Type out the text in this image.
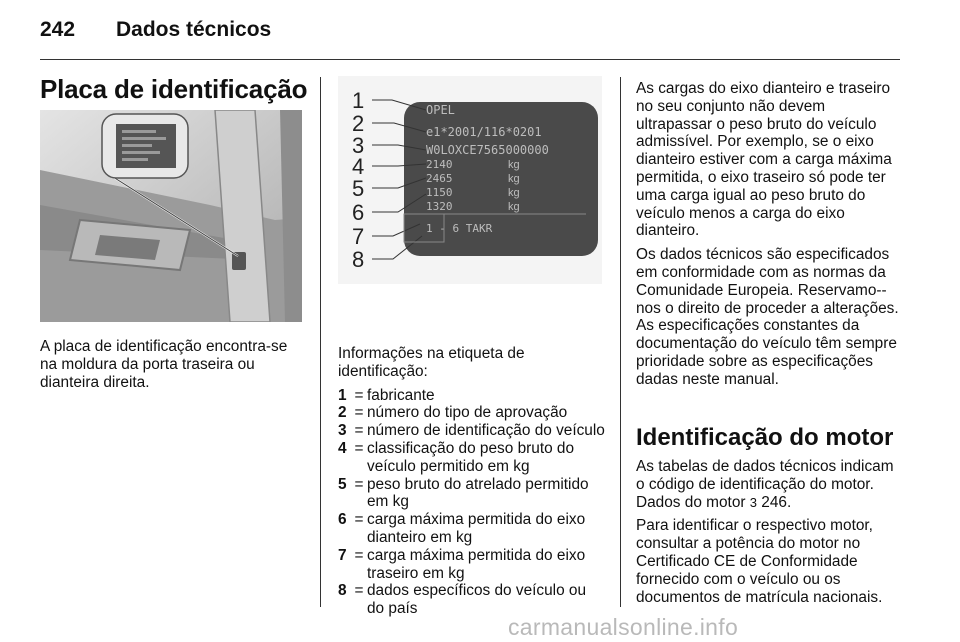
242 Dados técnicos
Placa de identificação
A placa de identificação encontra-se na moldura da porta traseira ou dianteira direita.
1
2
3
4
5
6
7
8
OPEL
e1*2001/116*0201
W0LOXCE7565000000
2140	kg
2465	kg
1150	kg
1320	kg
1 - 6 TAKR
Informações na etiqueta de identificação:
1 = fabricante
2 = número do tipo de aprovação
3 = número de identificação do veículo
4 = classificação do peso bruto do veículo permitido em kg
5 = peso bruto do atrelado permitido em kg
6 = carga máxima permitida do eixo dianteiro em kg
7 = carga máxima permitida do eixo traseiro em kg
8 = dados específicos do veículo ou do país

As cargas do eixo dianteiro e traseiro no seu conjunto não devem ultrapassar o peso bruto do veículo admissível. Por exemplo, se o eixo dianteiro estiver com a carga máxima permitida, o eixo traseiro só pode ter uma carga igual ao peso bruto do veículo menos a carga do eixo dianteiro.

Os dados técnicos são especificados em conformidade com as normas da Comunidade Europeia. Reservamo--nos o direito de proceder a alterações. As especificações constantes da documentação do veículo têm sempre prioridade sobre as especificações dadas neste manual.

Identificação do motor

As tabelas de dados técnicos indicam o código de identificação do motor. Dados do motor 3 246.

Para identificar o respectivo motor, consultar a potência do motor no Certificado CE de Conformidade fornecido com o veículo ou os documentos de matrícula nacionais.

carmanualsonline.info
